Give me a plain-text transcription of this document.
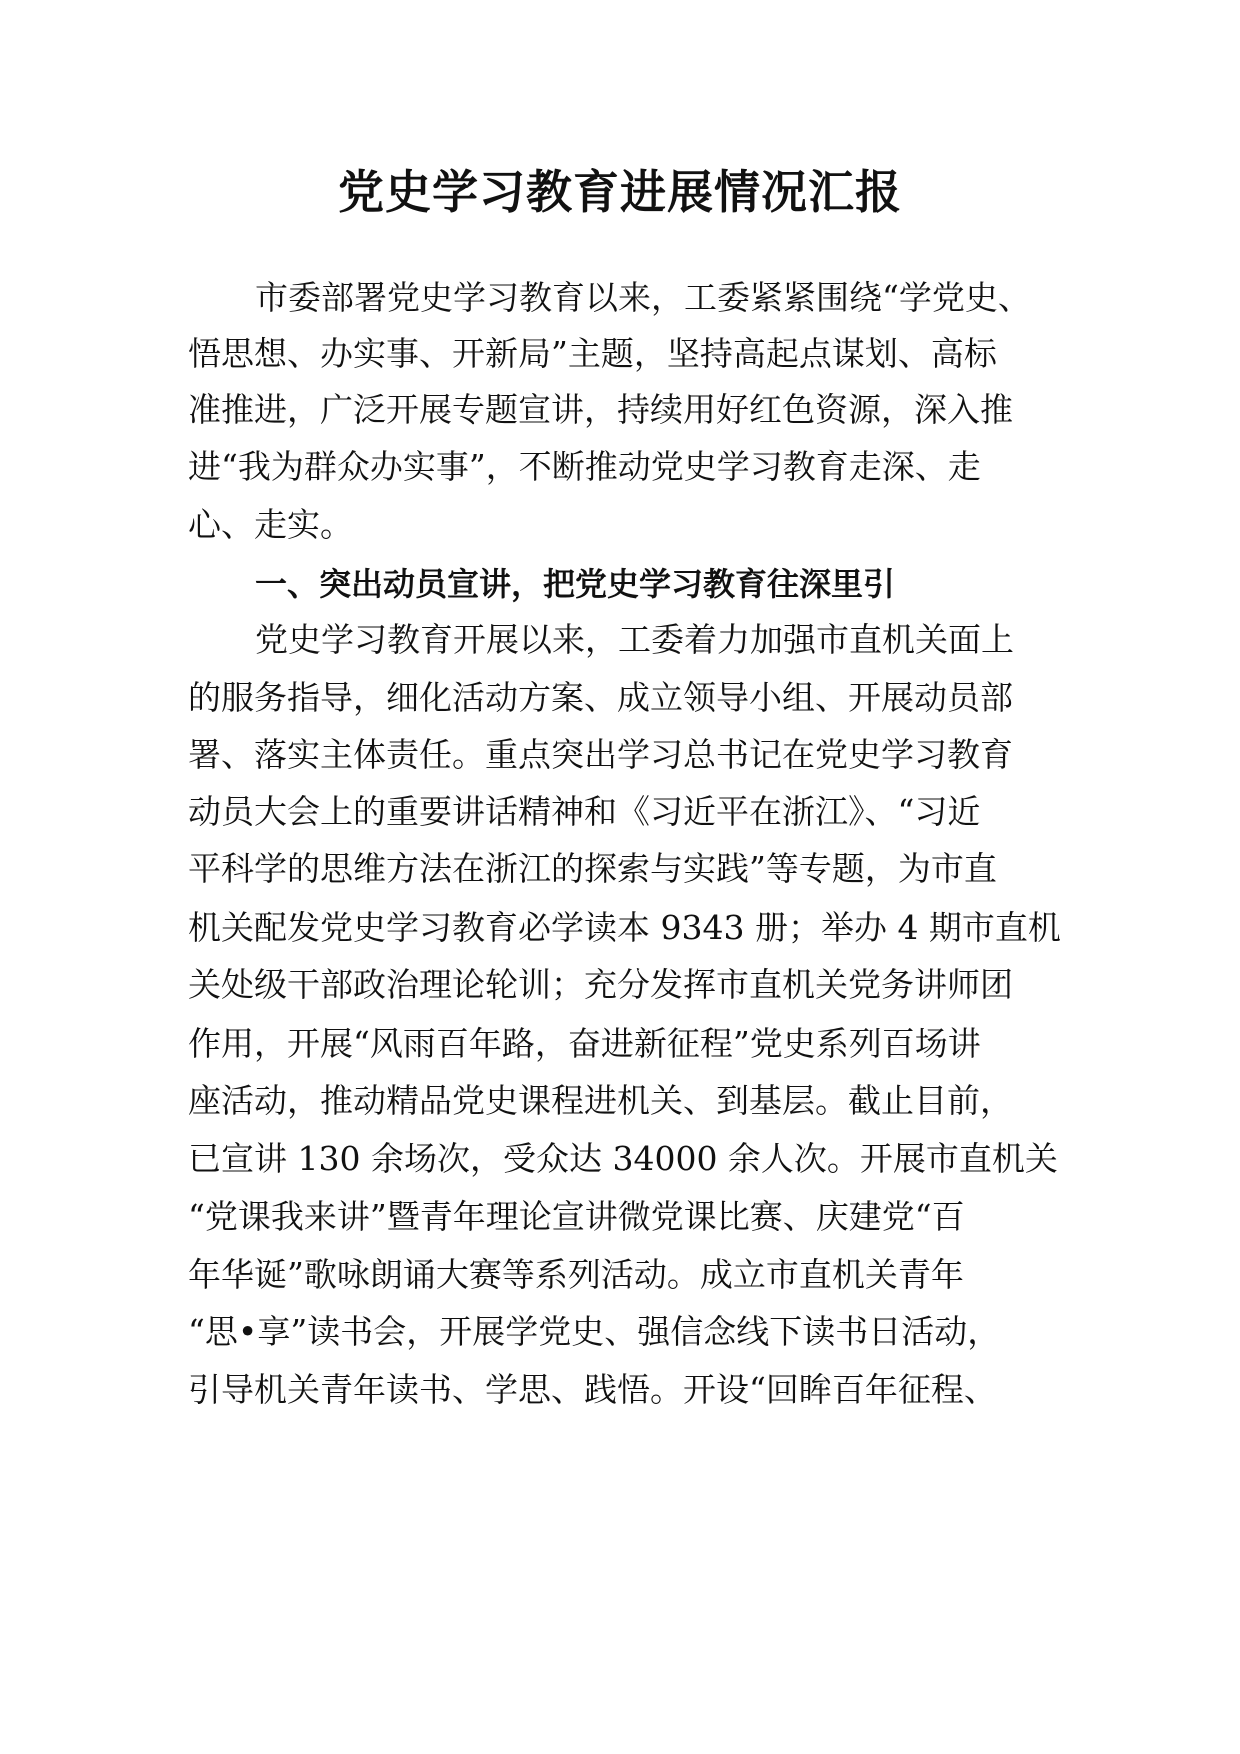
党史学习教育进展情况汇报
市委部署党史学习教育以来，工委紧紧围绕“学党史、
悟思想、办实事、开新局”主题，坚持高起点谋划、高标
准推进，广泛开展专题宣讲，持续用好红色资源，深入推
进“我为群众办实事”，不断推动党史学习教育走深、走
心、走实。
一、突出动员宣讲，把党史学习教育往深里引
党史学习教育开展以来，工委着力加强市直机关面上
的服务指导，细化活动方案、成立领导小组、开展动员部
署、落实主体责任。重点突出学习总书记在党史学习教育
动员大会上的重要讲话精神和《习近平在浙江》、“习近
平科学的思维方法在浙江的探索与实践”等专题，为市直
机关配发党史学习教育必学读本 9343 册；举办 4 期市直机
关处级干部政治理论轮训；充分发挥市直机关党务讲师团
作用，开展“风雨百年路，奋进新征程”党史系列百场讲
座活动，推动精品党史课程进机关、到基层。截止目前，
已宣讲 130 余场次，受众达 34000 余人次。开展市直机关
“党课我来讲”暨青年理论宣讲微党课比赛、庆建党“百
年华诞”歌咏朗诵大赛等系列活动。成立市直机关青年
“思•享”读书会，开展学党史、强信念线下读书日活动，
引导机关青年读书、学思、践悟。开设“回眸百年征程、
